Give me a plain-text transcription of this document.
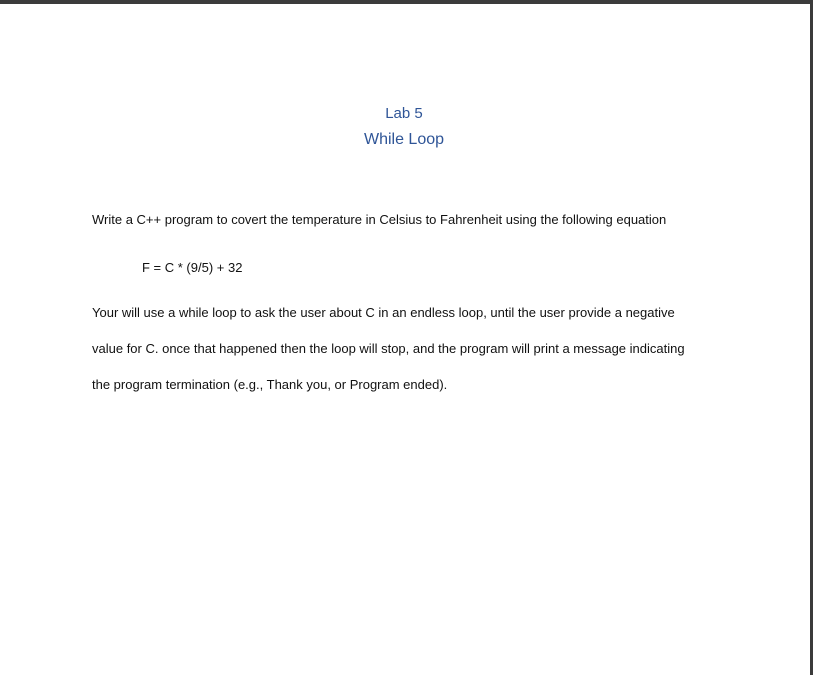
Lab 5
While Loop
Write a C++ program to covert the temperature in Celsius to Fahrenheit using the following equation
F = C * (9/5) + 32
Your will use a while loop to ask the user about C in an endless loop, until the user provide a negative
value for C. once that happened then the loop will stop, and the program will print a message indicating
the program termination (e.g., Thank you, or Program ended).
